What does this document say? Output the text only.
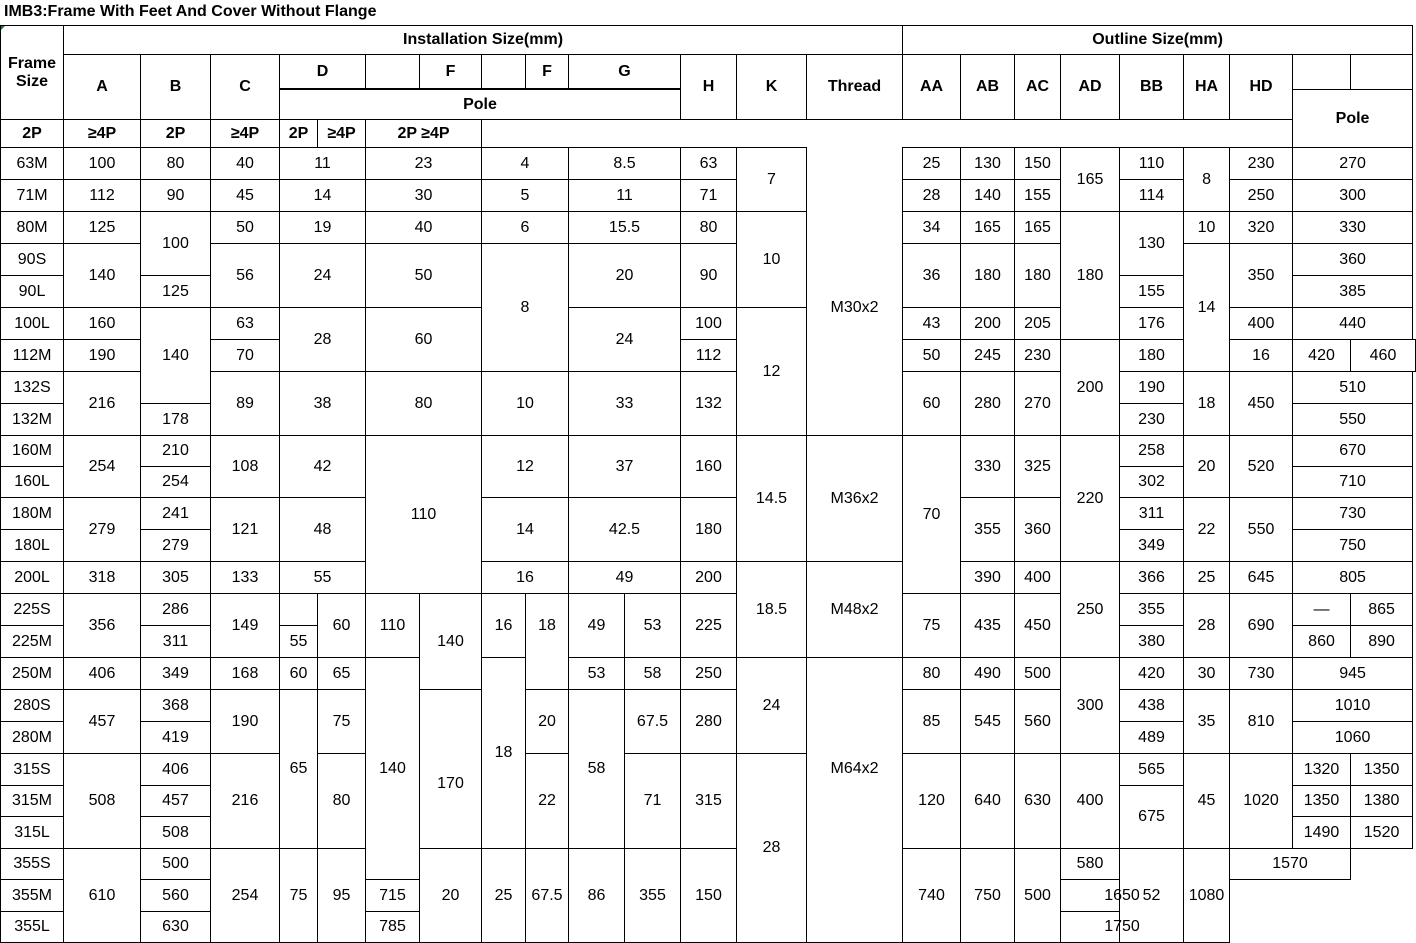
IMB3:Frame With Feet And Cover Without Flange
Frame Size	Installation Size(mm)														Outline Size(mm)								
	A	B	C	D			F		F	G		H	K	Thread	AA	AB	AC	AD	BB	HA	HD		

				Pole																		Pole	
2P	≥4P	2P	≥4P	2P	≥4P	2P ≥4P																	
63M	100	80	40	11		23		4		8.5		63	7		25	130	150	165	110	8	230	270	
71M	112	90	45	14		30		5		11		71			28	140	155		114		250	300	
80M	125	100	50	19		40		6		15.5		80	10		34	165	165	180	130	10	320	330	
90S	140		56	24		50		8		20		90			36	180	180			14	350	360	
90L		125																	155			385	
100L	160	140	63	28		60				24		100	12	M30x2	43	200	205		176		400	440	
112M	190		70									112			50	245	230	200	180		16	420	460
132S	216		89	38		80		10		33		132			60	280	270		190	18	450	510	
132M		178																	230			550	
160M	254	210	108	42		110		12		37		160	14.5	M36x2	70	330	325	220	258	20	520	670	
160L		254																	302			710	
180M	279	241	121	48				14		42.5		180				355	360		311	22	550	730	
180L		279																	349			750	
200L	318	305	133	55				16		49		200	18.5	M48x2		390	400	250	366	25	645	805	
225S	356	286	149		60	110	140	16	18	49	53	225			75	435	450		355	28	690	—	865
225M		311		55															380			860	890
250M	406	349	168	60	65	140		18		53	58	250	24	M64x2	80	490	500	300	420	30	730	945	
280S	457	368	190	65	75		170		20	58	67.5	280			85	545	560		438	35	810	1010	
280M		419																	489			1060	
315S	508	406	216		80				22		71	315	28		120	640	630	400	565	45	1020	1320	1350
315M		457																	675			1350	1380
315L		508																				1490	1520
355S	610	500	254	75	95		20	25	67.5	86	355	150			740	750	500	580	52	1080	1570		
355M		560				715												1650					
355L		630				785												1750					
